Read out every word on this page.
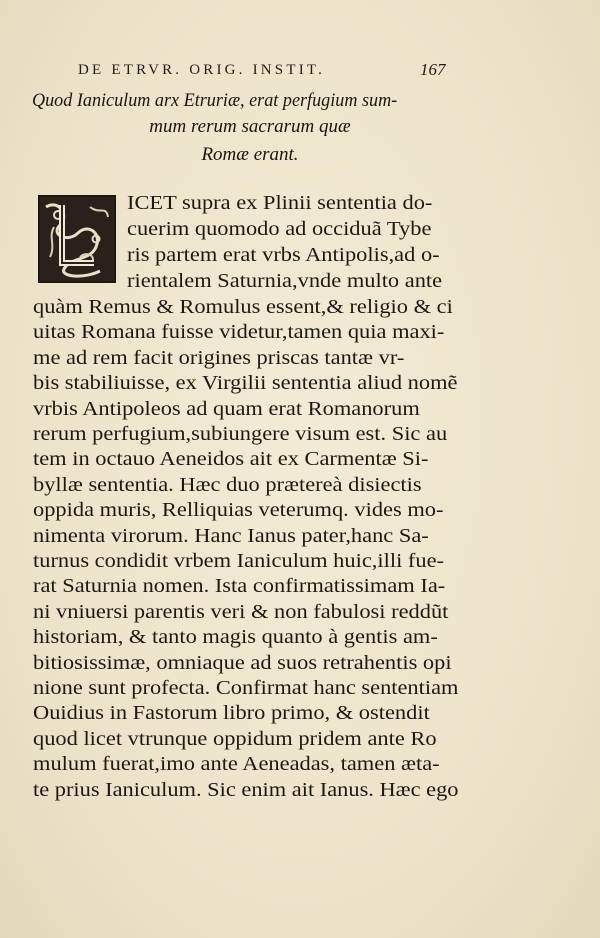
DE ETRVR. ORIG. INSTIT.	167
Quod Ianiculum arx Etruriæ, erat perfugium sum-
mum rerum sacrarum quæ
Romæ erant.
ICET supra ex Plinii sententia do-
cuerim quomodo ad occiduã Tybe
ris partem erat vrbs Antipolis,ad o-
rientalem Saturnia,vnde multo ante
quàm Remus & Romulus essent,& religio & ci
uitas Romana fuisse videtur,tamen quia maxi-
me ad rem facit origines priscas tantæ vr-
bis stabiliuisse, ex Virgilii sententia aliud nomẽ
vrbis Antipoleos ad quam erat Romanorum
rerum perfugium,subiungere visum est. Sic au
tem in octauo Aeneidos ait ex Carmentæ Si-
byllæ sententia. Hæc duo prætereà disiectis
oppida muris, Relliquias veterumq. vides mo-
nimenta virorum. Hanc Ianus pater,hanc Sa-
turnus condidit vrbem Ianiculum huic,illi fue-
rat Saturnia nomen. Ista confirmatissimam Ia-
ni vniuersi parentis veri & non fabulosi reddũt
historiam, & tanto magis quanto à gentis am-
bitiosissimæ, omniaque ad suos retrahentis opi
nione sunt profecta. Confirmat hanc sententiam
Ouidius in Fastorum libro primo, & ostendit
quod licet vtrunque oppidum pridem ante Ro
mulum fuerat,imo ante Aeneadas, tamen æta-
te prius Ianiculum. Sic enim ait Ianus. Hæc ego
